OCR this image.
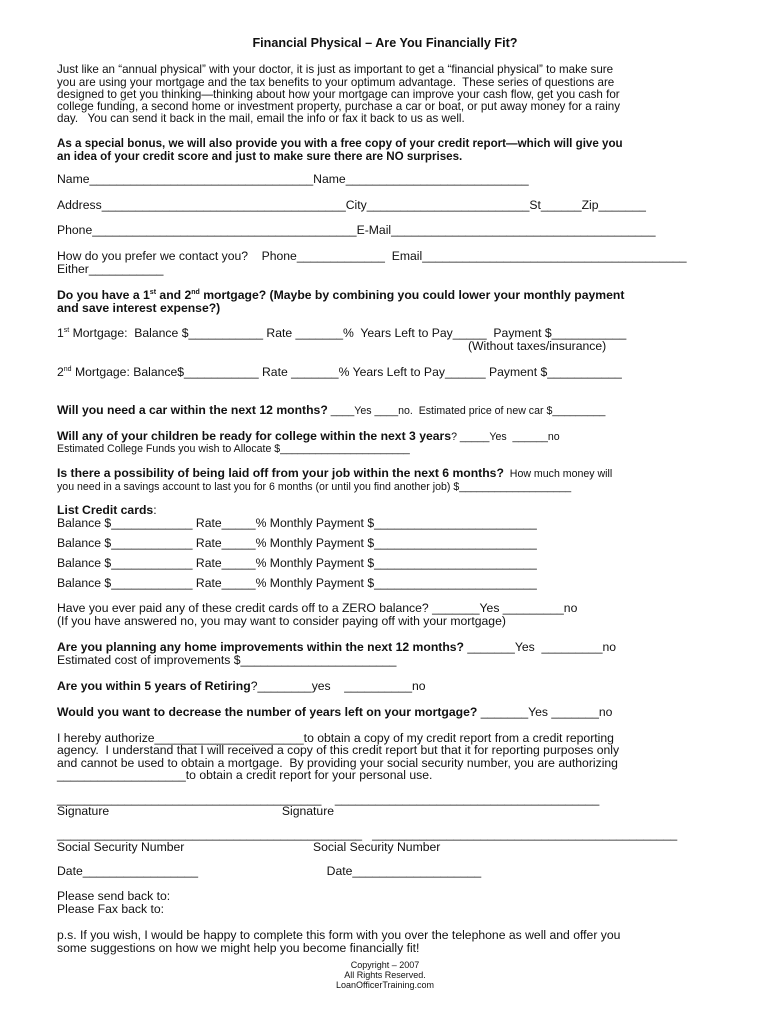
Financial Physical – Are You Financially Fit?
Just like an “annual physical” with your doctor, it is just as important to get a “financial physical” to make sure
you are using your mortgage and the tax benefits to your optimum advantage.  These series of questions are
designed to get you thinking—thinking about how your mortgage can improve your cash flow, get you cash for
college funding, a second home or investment property, purchase a car or boat, or put away money for a rainy
day.   You can send it back in the mail, email the info or fax it back to us as well.
As a special bonus, we will also provide you with a free copy of your credit report—which will give you
an idea of your credit score and just to make sure there are NO surprises.
Name_________________________________Name___________________________
Address____________________________________City________________________St______Zip_______
Phone_______________________________________E-Mail_______________________________________
How do you prefer we contact you?    Phone_____________  Email_______________________________________
Either___________
Do you have a 1st and 2nd mortgage? (Maybe by combining you could lower your monthly payment
and save interest expense?)
1st Mortgage:  Balance $___________ Rate _______%  Years Left to Pay_____  Payment $___________
(Without taxes/insurance)
2nd Mortgage: Balance$___________ Rate _______% Years Left to Pay______ Payment $___________
Will you need a car within the next 12 months? ____Yes ____no.  Estimated price of new car $_________
Will any of your children be ready for college within the next 3 years? _____Yes  ______no
Estimated College Funds you wish to Allocate $______________________
Is there a possibility of being laid off from your job within the next 6 months?  How much money will
you need in a savings account to last you for 6 months (or until you find another job) $___________________
List Credit cards:
Balance $____________ Rate_____% Monthly Payment $________________________
Balance $____________ Rate_____% Monthly Payment $________________________
Balance $____________ Rate_____% Monthly Payment $________________________
Balance $____________ Rate_____% Monthly Payment $________________________
Have you ever paid any of these credit cards off to a ZERO balance? _______Yes _________no
(If you have answered no, you may want to consider paying off with your mortgage)
Are you planning any home improvements within the next 12 months? _______Yes  _________no
Estimated cost of improvements $_______________________
Are you within 5 years of Retiring?________yes    __________no
Would you want to decrease the number of years left on your mortgage? _______Yes _______no
I hereby authorize______________________to obtain a copy of my credit report from a credit reporting
agency.  I understand that I will received a copy of this credit report but that it for reporting purposes only
and cannot be used to obtain a mortgage.  By providing your social security number, you are authorizing
___________________to obtain a credit report for your personal use.
_______________________________________    _______________________________________
Signature                                                   Signature
_____________________________________________   _____________________________________________
Social Security Number                                      Social Security Number
Date_________________                                      Date___________________
Please send back to:
Please Fax back to:
p.s. If you wish, I would be happy to complete this form with you over the telephone as well and offer you
some suggestions on how we might help you become financially fit!
Copyright – 2007
All Rights Reserved.
LoanOfficerTraining.com
